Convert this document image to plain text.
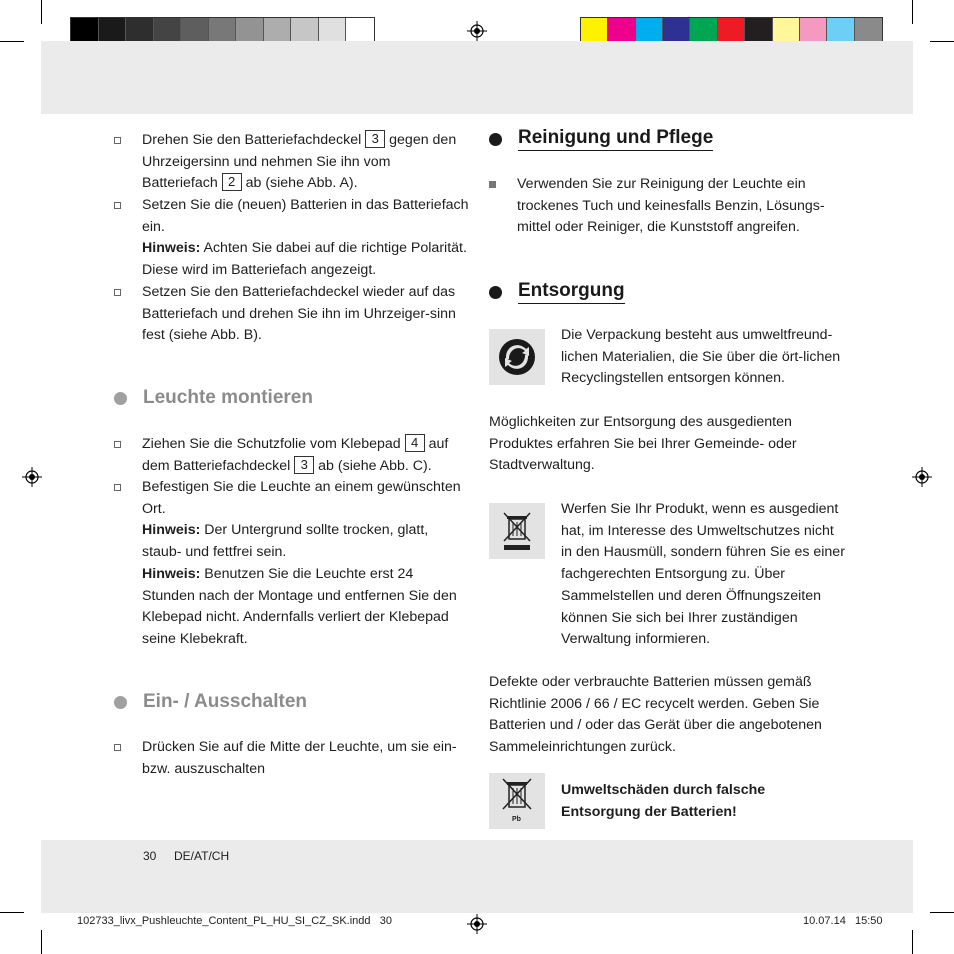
Drehen Sie den Batteriefachdeckel 3 gegen den Uhrzeigersinn und nehmen Sie ihn vom Batteriefach 2 ab (siehe Abb. A).
Setzen Sie die (neuen) Batterien in das Batteriefach ein.
Hinweis: Achten Sie dabei auf die richtige Polarität. Diese wird im Batteriefach angezeigt.
Setzen Sie den Batteriefachdeckel wieder auf das Batteriefach und drehen Sie ihn im Uhrzeiger-sinn fest (siehe Abb. B).
Leuchte montieren
Ziehen Sie die Schutzfolie vom Klebepad 4 auf dem Batteriefachdeckel 3 ab (siehe Abb. C).
Befestigen Sie die Leuchte an einem gewünschten Ort.
Hinweis: Der Untergrund sollte trocken, glatt, staub- und fettfrei sein.
Hinweis: Benutzen Sie die Leuchte erst 24 Stunden nach der Montage und entfernen Sie den Klebepad nicht. Andernfalls verliert der Klebepad seine Klebekraft.
Ein- / Ausschalten
Drücken Sie auf die Mitte der Leuchte, um sie ein- bzw. auszuschalten
Reinigung und Pflege
Verwenden Sie zur Reinigung der Leuchte ein trockenes Tuch und keinesfalls Benzin, Lösungs-mittel oder Reiniger, die Kunststoff angreifen.
Entsorgung
Die Verpackung besteht aus umweltfreund-lichen Materialien, die Sie über die ört-lichen Recyclingstellen entsorgen können.
Möglichkeiten zur Entsorgung des ausgedienten Produktes erfahren Sie bei Ihrer Gemeinde- oder Stadtverwaltung.
Werfen Sie Ihr Produkt, wenn es ausgedient hat, im Interesse des Umweltschutzes nicht in den Hausmüll, sondern führen Sie es einer fachgerechten Entsorgung zu. Über Sammelstellen und deren Öffnungszeiten können Sie sich bei Ihrer zuständigen Verwaltung informieren.
Defekte oder verbrauchte Batterien müssen gemäß Richtlinie 2006 / 66 / EC recycelt werden. Geben Sie Batterien und / oder das Gerät über die angebotenen Sammeleinrichtungen zurück.
Pb
Umweltschäden durch falsche Entsorgung der Batterien!
30 DE/AT/CH
102733_livx_Pushleuchte_Content_PL_HU_SI_CZ_SK.indd   30	10.07.14   15:50
